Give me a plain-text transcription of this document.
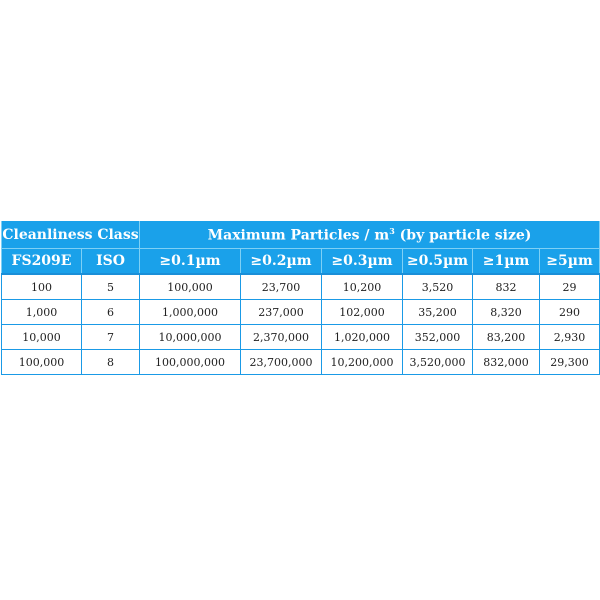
Cleanliness Class		Maximum Particles / $m^3$ (by particle size)					
FS209E	ISO	≥0.1µm	≥0.2µm	≥0.3µm	≥0.5µm	≥1µm	≥5µm
100	5	100,000	23,700	10,200	3,520	832	29
1,000	6	1,000,000	237,000	102,000	35,200	8,320	290
10,000	7	10,000,000	2,370,000	1,020,000	352,000	83,200	2,930
100,000	8	100,000,000	23,700,000	10,200,000	3,520,000	832,000	29,300
